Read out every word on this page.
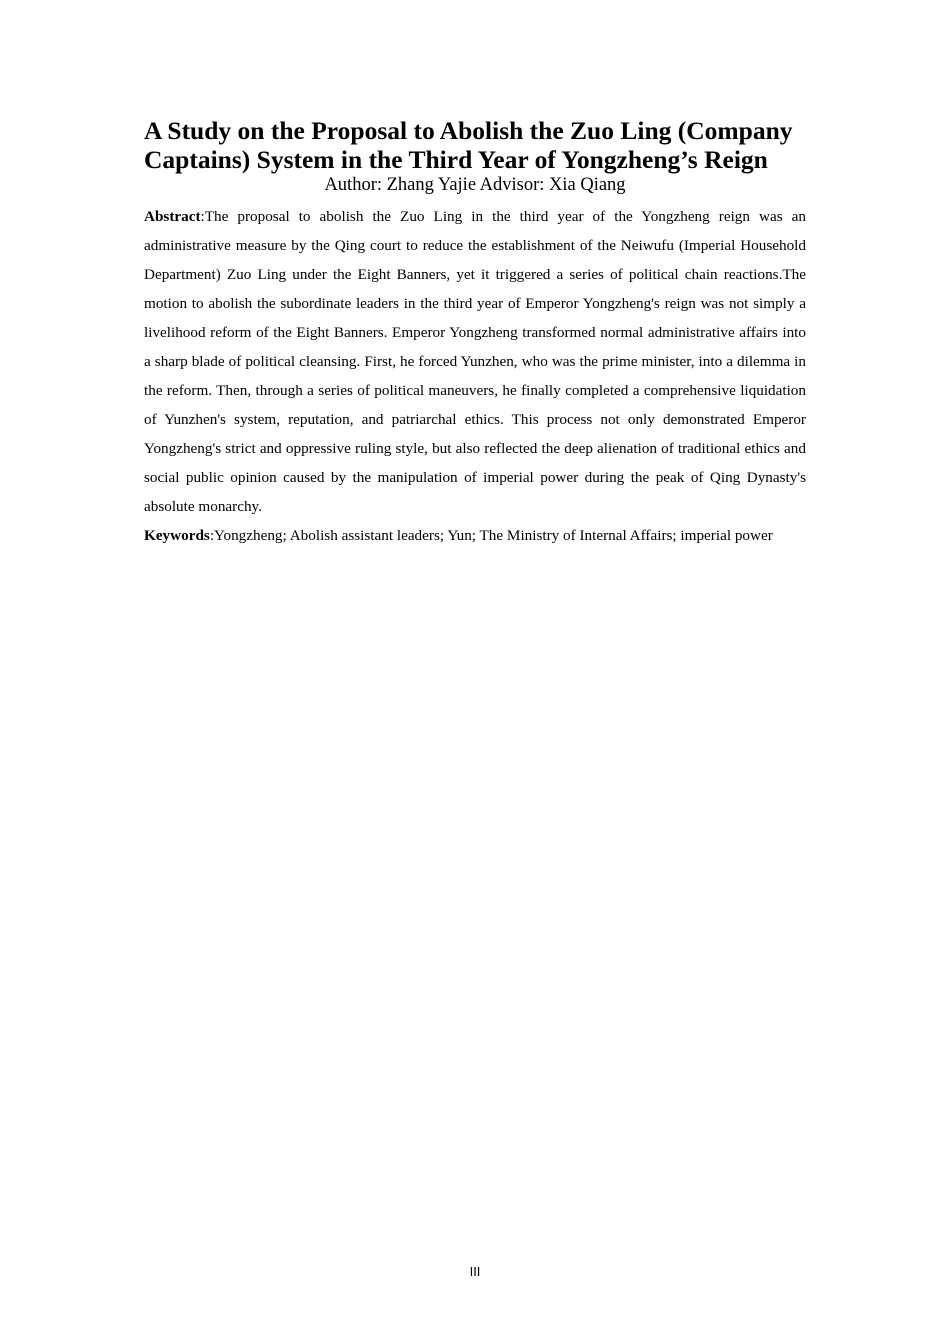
A Study on the Proposal to Abolish the Zuo Ling (Company Captains) System in the Third Year of Yongzheng’s Reign

Author: Zhang Yajie Advisor: Xia Qiang

Abstract:The proposal to abolish the Zuo Ling in the third year of the Yongzheng reign was an administrative measure by the Qing court to reduce the establishment of the Neiwufu (Imperial Household Department) Zuo Ling under the Eight Banners, yet it triggered a series of political chain reactions.The motion to abolish the subordinate leaders in the third year of Emperor Yongzheng's reign was not simply a livelihood reform of the Eight Banners. Emperor Yongzheng transformed normal administrative affairs into a sharp blade of political cleansing. First, he forced Yunzhen, who was the prime minister, into a dilemma in the reform. Then, through a series of political maneuvers, he finally completed a comprehensive liquidation of Yunzhen's system, reputation, and patriarchal ethics. This process not only demonstrated Emperor Yongzheng's strict and oppressive ruling style, but also reflected the deep alienation of traditional ethics and social public opinion caused by the manipulation of imperial power during the peak of Qing Dynasty's absolute monarchy.

Keywords:Yongzheng; Abolish assistant leaders; Yun; The Ministry of Internal Affairs; imperial power

III
